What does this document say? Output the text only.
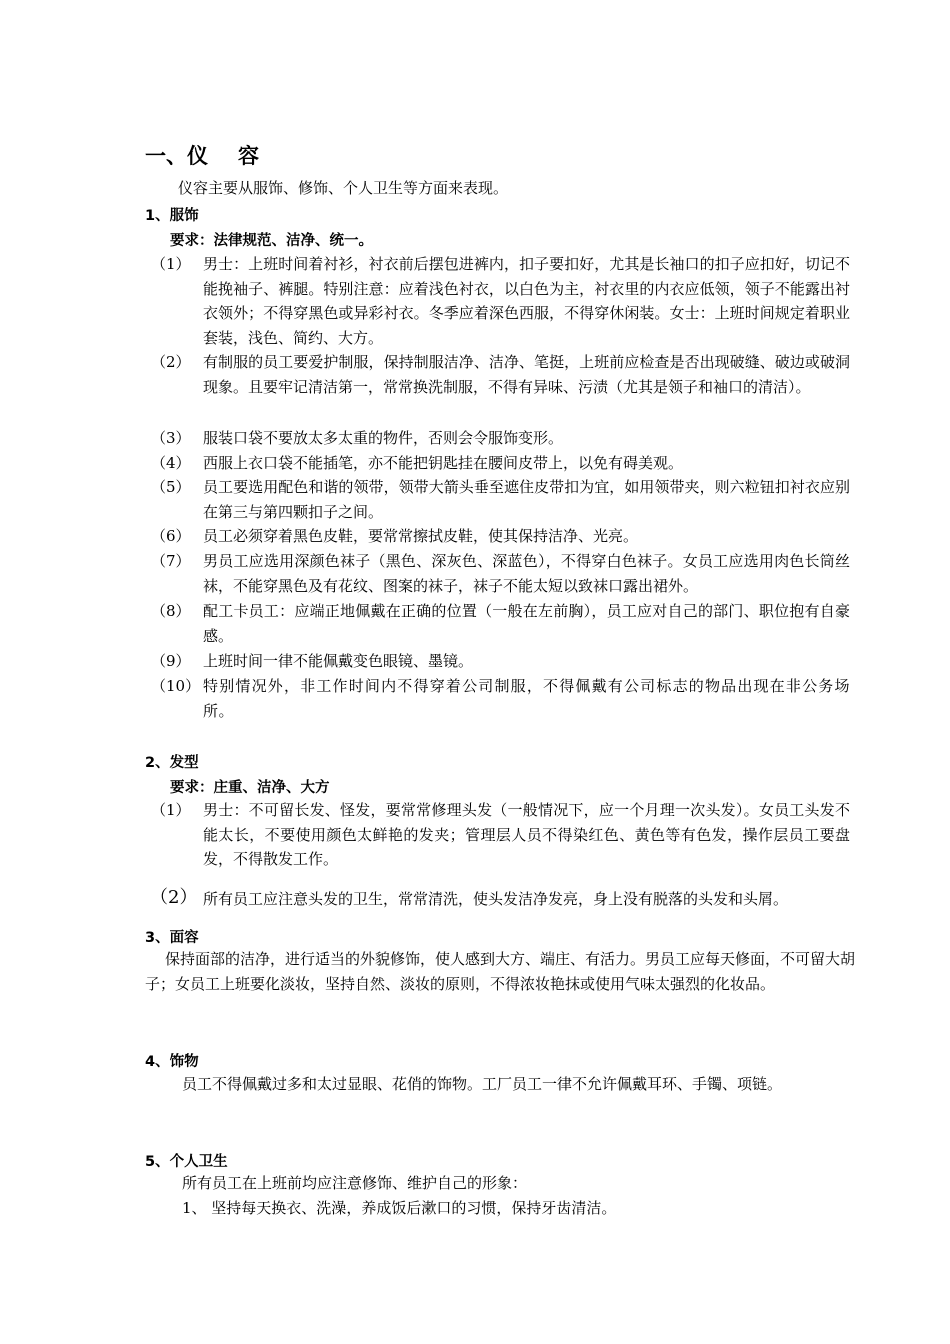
一、仪 容
仪容主要从服饰、修饰、个人卫生等方面来表现。
1、服饰
要求：法律规范、洁净、统一。
（1） 男士：上班时间着衬衫，衬衣前后摆包进裤内，扣子要扣好，尤其是长袖口的扣子应扣好，切记不能挽袖子、裤腿。特别注意：应着浅色衬衣，以白色为主，衬衣里的内衣应低领，领子不能露出衬衣领外；不得穿黑色或异彩衬衣。冬季应着深色西服，不得穿休闲装。女士：上班时间规定着职业套装，浅色、简约、大方。
（2） 有制服的员工要爱护制服，保持制服洁净、洁净、笔挺，上班前应检查是否出现破缝、破边或破洞现象。且要牢记清洁第一，常常换洗制服，不得有异味、污渍（尤其是领子和袖口的清洁）。
（3） 服装口袋不要放太多太重的物件，否则会令服饰变形。
（4） 西服上衣口袋不能插笔，亦不能把钥匙挂在腰间皮带上，以免有碍美观。
（5） 员工要选用配色和谐的领带，领带大箭头垂至遮住皮带扣为宜，如用领带夹，则六粒钮扣衬衣应别在第三与第四颗扣子之间。
（6） 员工必须穿着黑色皮鞋，要常常擦拭皮鞋，使其保持洁净、光亮。
（7） 男员工应选用深颜色袜子（黑色、深灰色、深蓝色），不得穿白色袜子。女员工应选用肉色长筒丝袜，不能穿黑色及有花纹、图案的袜子，袜子不能太短以致袜口露出裙外。
（8） 配工卡员工：应端正地佩戴在正确的位置（一般在左前胸），员工应对自己的部门、职位抱有自豪感。
（9） 上班时间一律不能佩戴变色眼镜、墨镜。
（10） 特别情况外，非工作时间内不得穿着公司制服，不得佩戴有公司标志的物品出现在非公务场所。
2、发型
要求：庄重、洁净、大方
（1） 男士：不可留长发、怪发，要常常修理头发（一般情况下，应一个月理一次头发）。女员工头发不能太长，不要使用颜色太鲜艳的发夹；管理层人员不得染红色、黄色等有色发，操作层员工要盘发，不得散发工作。
（2） 所有员工应注意头发的卫生，常常清洗，使头发洁净发亮，身上没有脱落的头发和头屑。
3、面容
保持面部的洁净，进行适当的外貌修饰，使人感到大方、端庄、有活力。男员工应每天修面，不可留大胡子；女员工上班要化淡妆，坚持自然、淡妆的原则，不得浓妆艳抹或使用气味太强烈的化妆品。
4、饰物
员工不得佩戴过多和太过显眼、花俏的饰物。工厂员工一律不允许佩戴耳环、手镯、项链。
5、个人卫生
所有员工在上班前均应注意修饰、维护自己的形象：
1、 坚持每天换衣、洗澡，养成饭后漱口的习惯，保持牙齿清洁。
